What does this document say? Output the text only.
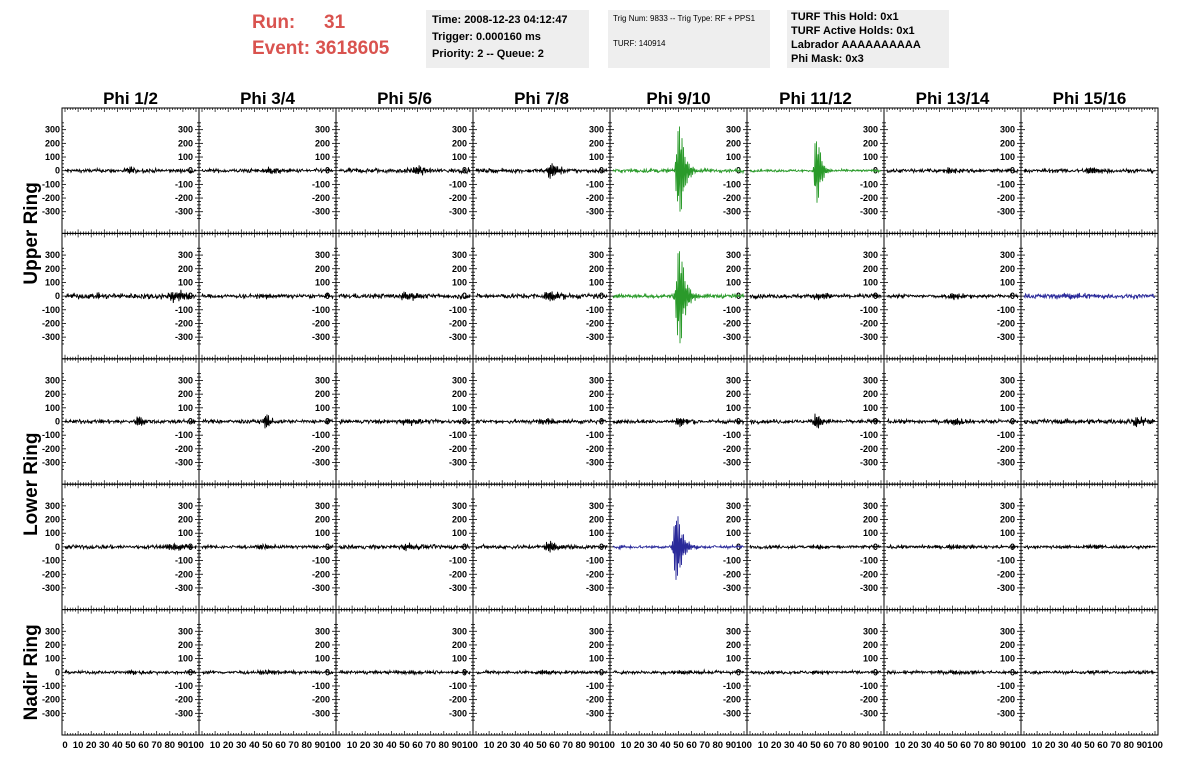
Run: 31
Event: 3618605
Time: 2008-12-23 04:12:47
Trigger: 0.000160 ms
Priority: 2 -- Queue: 2
Trig Num: 9833 -- Trig Type: RF + PPS1
TURF: 140914
TURF This Hold: 0x1
TURF Active Holds: 0x1
Labrador AAAAAAAAAA
Phi Mask: 0x3
Phi 1/2	Phi 3/4	Phi 5/6	Phi 7/8	Phi 9/10	Phi 11/12	Phi 13/14	Phi 15/16
Upper Ring
Lower Ring
Nadir Ring
-300	-300
-200	-200
-100	-100
0	0
100	100
200	200
300	300
-300
-200
-100
0
100
200
300
-300
-200
-100
0
100
200
300
-300
-200
-100
0
100
200
300
-300
-200
-100
0
100
200
300
-300
-200
-100
0
100
200
300
-300
-200
-100
0
100
200
300
-300	-300
-200	-200
-100	-100
0	0
100	100
200	200
300	300
-300
-200
-100
0
100
200
300
-300
-200
-100
0
100
200
300
-300
-200
-100
0
100
200
300
-300
-200
-100
0
100
200
300
-300
-200
-100
0
100
200
300
-300
-200
-100
0
100
200
300
-300	-300
-200	-200
-100	-100
0	0
100	100
200	200
300	300
-300
-200
-100
0
100
200
300
-300
-200
-100
0
100
200
300
-300
-200
-100
0
100
200
300
-300
-200
-100
0
100
200
300
-300
-200
-100
0
100
200
300
-300
-200
-100
0
100
200
300
-300	-300
-200	-200
-100	-100
0	0
100	100
200	200
300	300
-300
-200
-100
0
100
200
300
-300
-200
-100
0
100
200
300
-300
-200
-100
0
100
200
300
-300
-200
-100
0
100
200
300
-300
-200
-100
0
100
200
300
-300
-200
-100
0
100
200
300
-300	-300
-200	-200
-100	-100
0	0
100	100
200	200
300	300
-300
-200
-100
0
100
200
300
-300
-200
-100
0
100
200
300
-300
-200
-100
0
100
200
300
-300
-200
-100
0
100
200
300
-300
-200
-100
0
100
200
300
-300
-200
-100
0
100
200
300
0 10 20 30 40 50 60 70 80 90 100 10 20 30 40 50 60 70 80 90 100 10 20 30 40 50 60 70 80 90 100 10 20 30 40 50 60 70 80 90 100 10 20 30 40 50 60 70 80 90 100 10 20 30 40 50 60 70 80 90 100 10 20 30 40 50 60 70 80 90 100 10 20 30 40 50 60 70 80 90 100
